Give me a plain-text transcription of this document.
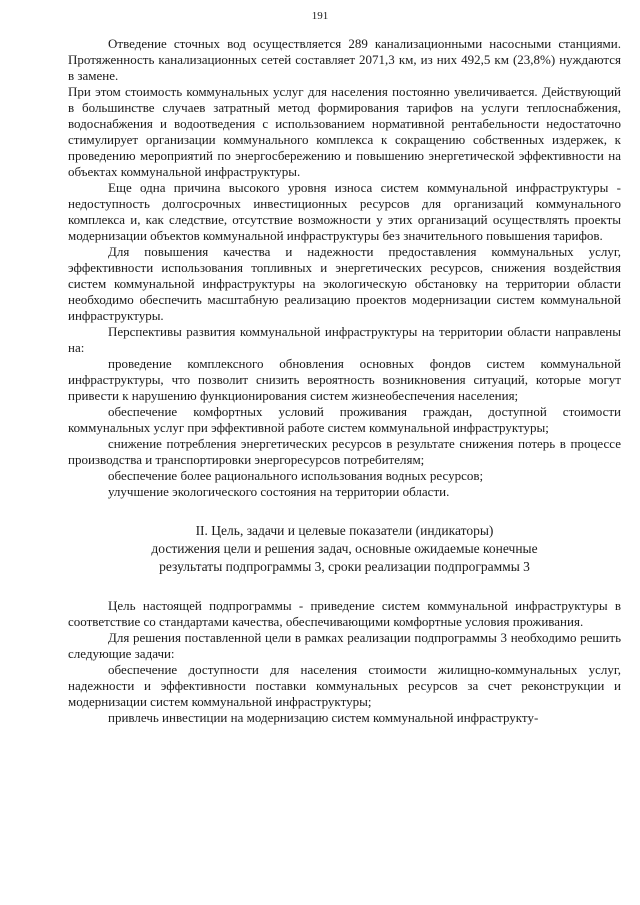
191

Отведение сточных вод осуществляется 289 канализационными насосными станциями. Протяженность канализационных сетей составляет 2071,3 км, из них 492,5 км (23,8%) нуждаются в замене.

При этом стоимость коммунальных услуг для населения постоянно увеличивается. Действующий в большинстве случаев затратный метод формирования тарифов на услуги теплоснабжения, водоснабжения и водоотведения с использованием нормативной рентабельности недостаточно стимулирует организации коммунального комплекса к сокращению собственных издержек, к проведению мероприятий по энергосбережению и повышению энергетической эффективности на объектах коммунальной инфраструктуры.

Еще одна причина высокого уровня износа систем коммунальной инфраструктуры - недоступность долгосрочных инвестиционных ресурсов для организаций коммунального комплекса и, как следствие, отсутствие возможности у этих организаций осуществлять проекты модернизации объектов коммунальной инфраструктуры без значительного повышения тарифов.

Для повышения качества и надежности предоставления коммунальных услуг, эффективности использования топливных и энергетических ресурсов, снижения воздействия систем коммунальной инфраструктуры на экологическую обстановку на территории области необходимо обеспечить масштабную реализацию проектов модернизации систем коммунальной инфраструктуры.

Перспективы развития коммунальной инфраструктуры на территории области направлены на:

проведение комплексного обновления основных фондов систем коммунальной инфраструктуры, что позволит снизить вероятность возникновения ситуаций, которые могут привести к нарушению функционирования систем жизнеобеспечения населения;

обеспечение комфортных условий проживания граждан, доступной стоимости коммунальных услуг при эффективной работе систем коммунальной инфраструктуры;

снижение потребления энергетических ресурсов в результате снижения потерь в процессе производства и транспортировки энергоресурсов потребителям;

обеспечение более рационального использования водных ресурсов;

улучшение экологического состояния на территории области.

II. Цель, задачи и целевые показатели (индикаторы)
достижения цели и решения задач, основные ожидаемые конечные
результаты подпрограммы 3, сроки реализации подпрограммы 3

Цель настоящей подпрограммы - приведение систем коммунальной инфраструктуры в соответствие со стандартами качества, обеспечивающими комфортные условия проживания.

Для решения поставленной цели в рамках реализации подпрограммы 3 необходимо решить следующие задачи:

обеспечение доступности для населения стоимости жилищно-коммунальных услуг, надежности и эффективности поставки коммунальных ресурсов за счет реконструкции и модернизации систем коммунальной инфраструктуры;

привлечь инвестиции на модернизацию систем коммунальной инфраструкту-
